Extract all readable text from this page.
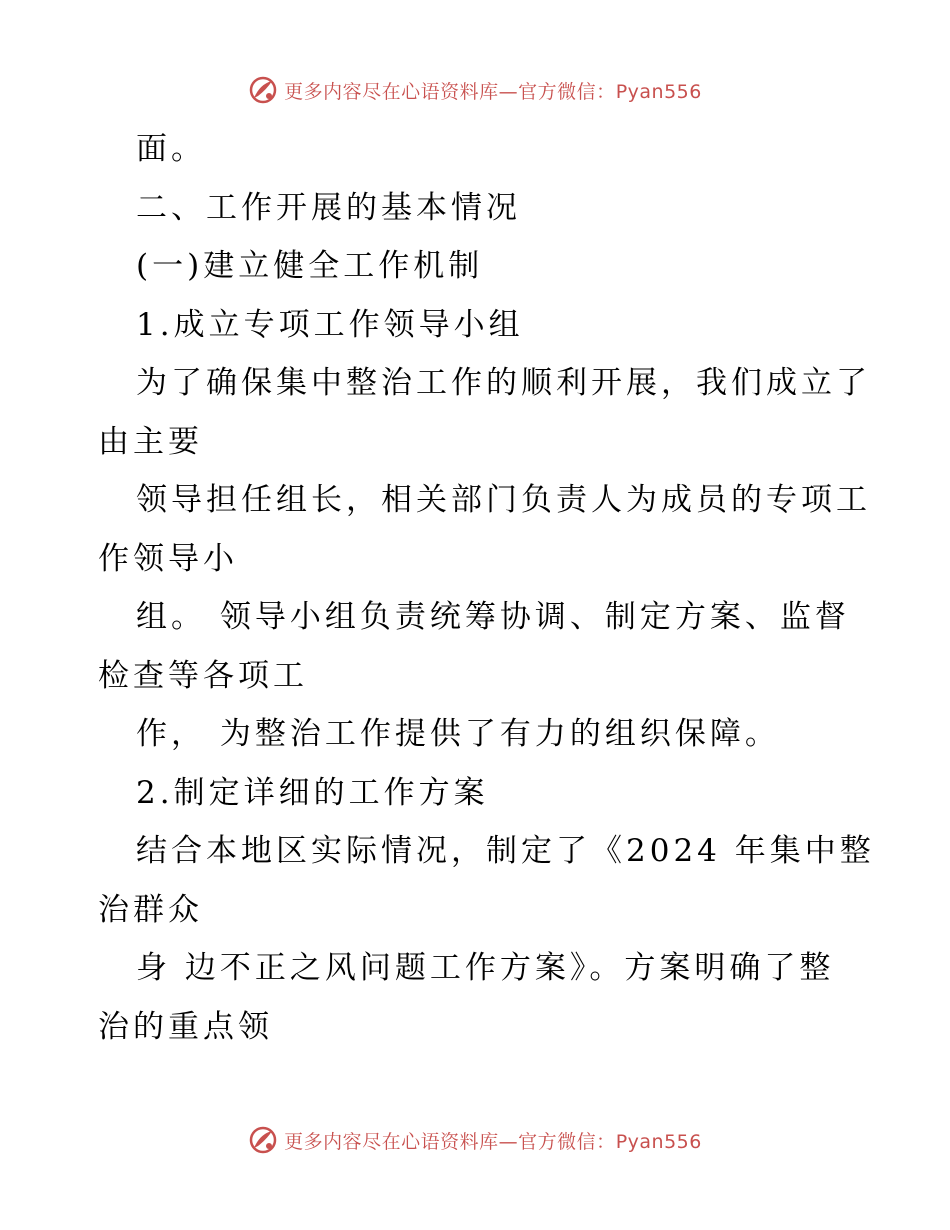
更多内容尽在心语资料库—官方微信：Pyan556
面。
二、工作开展的基本情况
(一)建立健全工作机制
1.成立专项工作领导小组
为了确保集中整治工作的顺利开展，我们成立了
由主要
领导担任组长，相关部门负责人为成员的专项工
作领导小
组。 领导小组负责统筹协调、制定方案、监督
检查等各项工
作， 为整治工作提供了有力的组织保障。
2.制定详细的工作方案
结合本地区实际情况，制定了《2024 年集中整
治群众
身 边不正之风问题工作方案》。方案明确了整
治的重点领
更多内容尽在心语资料库—官方微信：Pyan556
